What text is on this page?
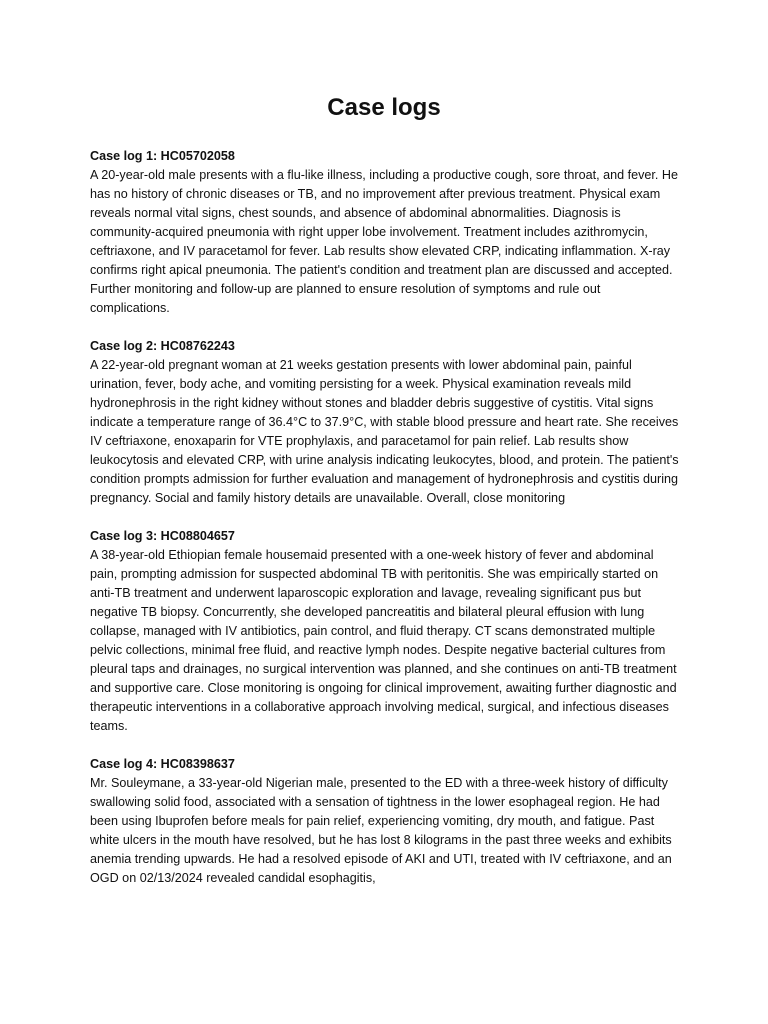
Case logs

Case log 1: HC05702058

A 20-year-old male presents with a flu-like illness, including a productive cough, sore throat, and fever. He has no history of chronic diseases or TB, and no improvement after previous treatment. Physical exam reveals normal vital signs, chest sounds, and absence of abdominal abnormalities. Diagnosis is community-acquired pneumonia with right upper lobe involvement. Treatment includes azithromycin, ceftriaxone, and IV paracetamol for fever. Lab results show elevated CRP, indicating inflammation. X-ray confirms right apical pneumonia. The patient's condition and treatment plan are discussed and accepted. Further monitoring and follow-up are planned to ensure resolution of symptoms and rule out complications.

Case log 2: HC08762243

A 22-year-old pregnant woman at 21 weeks gestation presents with lower abdominal pain, painful urination, fever, body ache, and vomiting persisting for a week. Physical examination reveals mild hydronephrosis in the right kidney without stones and bladder debris suggestive of cystitis. Vital signs indicate a temperature range of 36.4°C to 37.9°C, with stable blood pressure and heart rate. She receives IV ceftriaxone, enoxaparin for VTE prophylaxis, and paracetamol for pain relief. Lab results show leukocytosis and elevated CRP, with urine analysis indicating leukocytes, blood, and protein. The patient's condition prompts admission for further evaluation and management of hydronephrosis and cystitis during pregnancy. Social and family history details are unavailable. Overall, close monitoring

Case log 3: HC08804657

A 38-year-old Ethiopian female housemaid presented with a one-week history of fever and abdominal pain, prompting admission for suspected abdominal TB with peritonitis. She was empirically started on anti-TB treatment and underwent laparoscopic exploration and lavage, revealing significant pus but negative TB biopsy. Concurrently, she developed pancreatitis and bilateral pleural effusion with lung collapse, managed with IV antibiotics, pain control, and fluid therapy. CT scans demonstrated multiple pelvic collections, minimal free fluid, and reactive lymph nodes. Despite negative bacterial cultures from pleural taps and drainages, no surgical intervention was planned, and she continues on anti-TB treatment and supportive care. Close monitoring is ongoing for clinical improvement, awaiting further diagnostic and therapeutic interventions in a collaborative approach involving medical, surgical, and infectious diseases teams.

Case log 4: HC08398637

Mr. Souleymane, a 33-year-old Nigerian male, presented to the ED with a three-week history of difficulty swallowing solid food, associated with a sensation of tightness in the lower esophageal region. He had been using Ibuprofen before meals for pain relief, experiencing vomiting, dry mouth, and fatigue. Past white ulcers in the mouth have resolved, but he has lost 8 kilograms in the past three weeks and exhibits anemia trending upwards. He had a resolved episode of AKI and UTI, treated with IV ceftriaxone, and an OGD on 02/13/2024 revealed candidal esophagitis,
